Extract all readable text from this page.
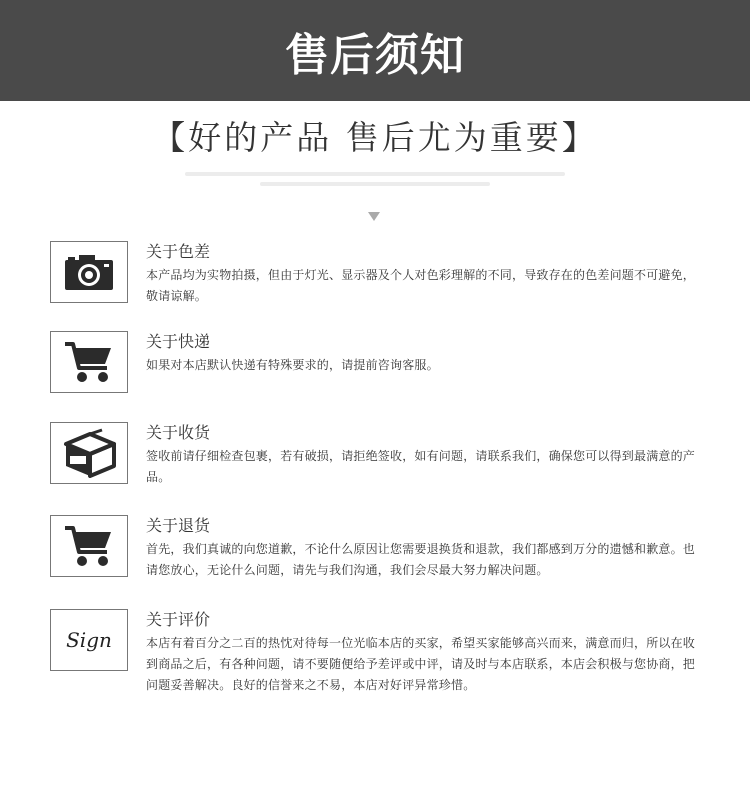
售后须知
【好的产品 售后尤为重要】
关于色差
本产品均为实物拍摄，但由于灯光、显示器及个人对色彩理解的不同，导致存在的色差问题不可避免，敬请谅解。
关于快递
如果对本店默认快递有特殊要求的，请提前咨询客服。
关于收货
签收前请仔细检查包裹，若有破损，请拒绝签收，如有问题，请联系我们，确保您可以得到最满意的产品。
关于退货
首先，我们真诚的向您道歉，不论什么原因让您需要退换货和退款，我们都感到万分的遗憾和歉意。也请您放心，无论什么问题，请先与我们沟通，我们会尽最大努力解决问题。
Sign
关于评价
本店有着百分之二百的热忱对待每一位光临本店的买家，希望买家能够高兴而来，满意而归，所以在收到商品之后，有各种问题，请不要随便给予差评或中评，请及时与本店联系，本店会积极与您协商，把问题妥善解决。良好的信誉来之不易，本店对好评异常珍惜。
